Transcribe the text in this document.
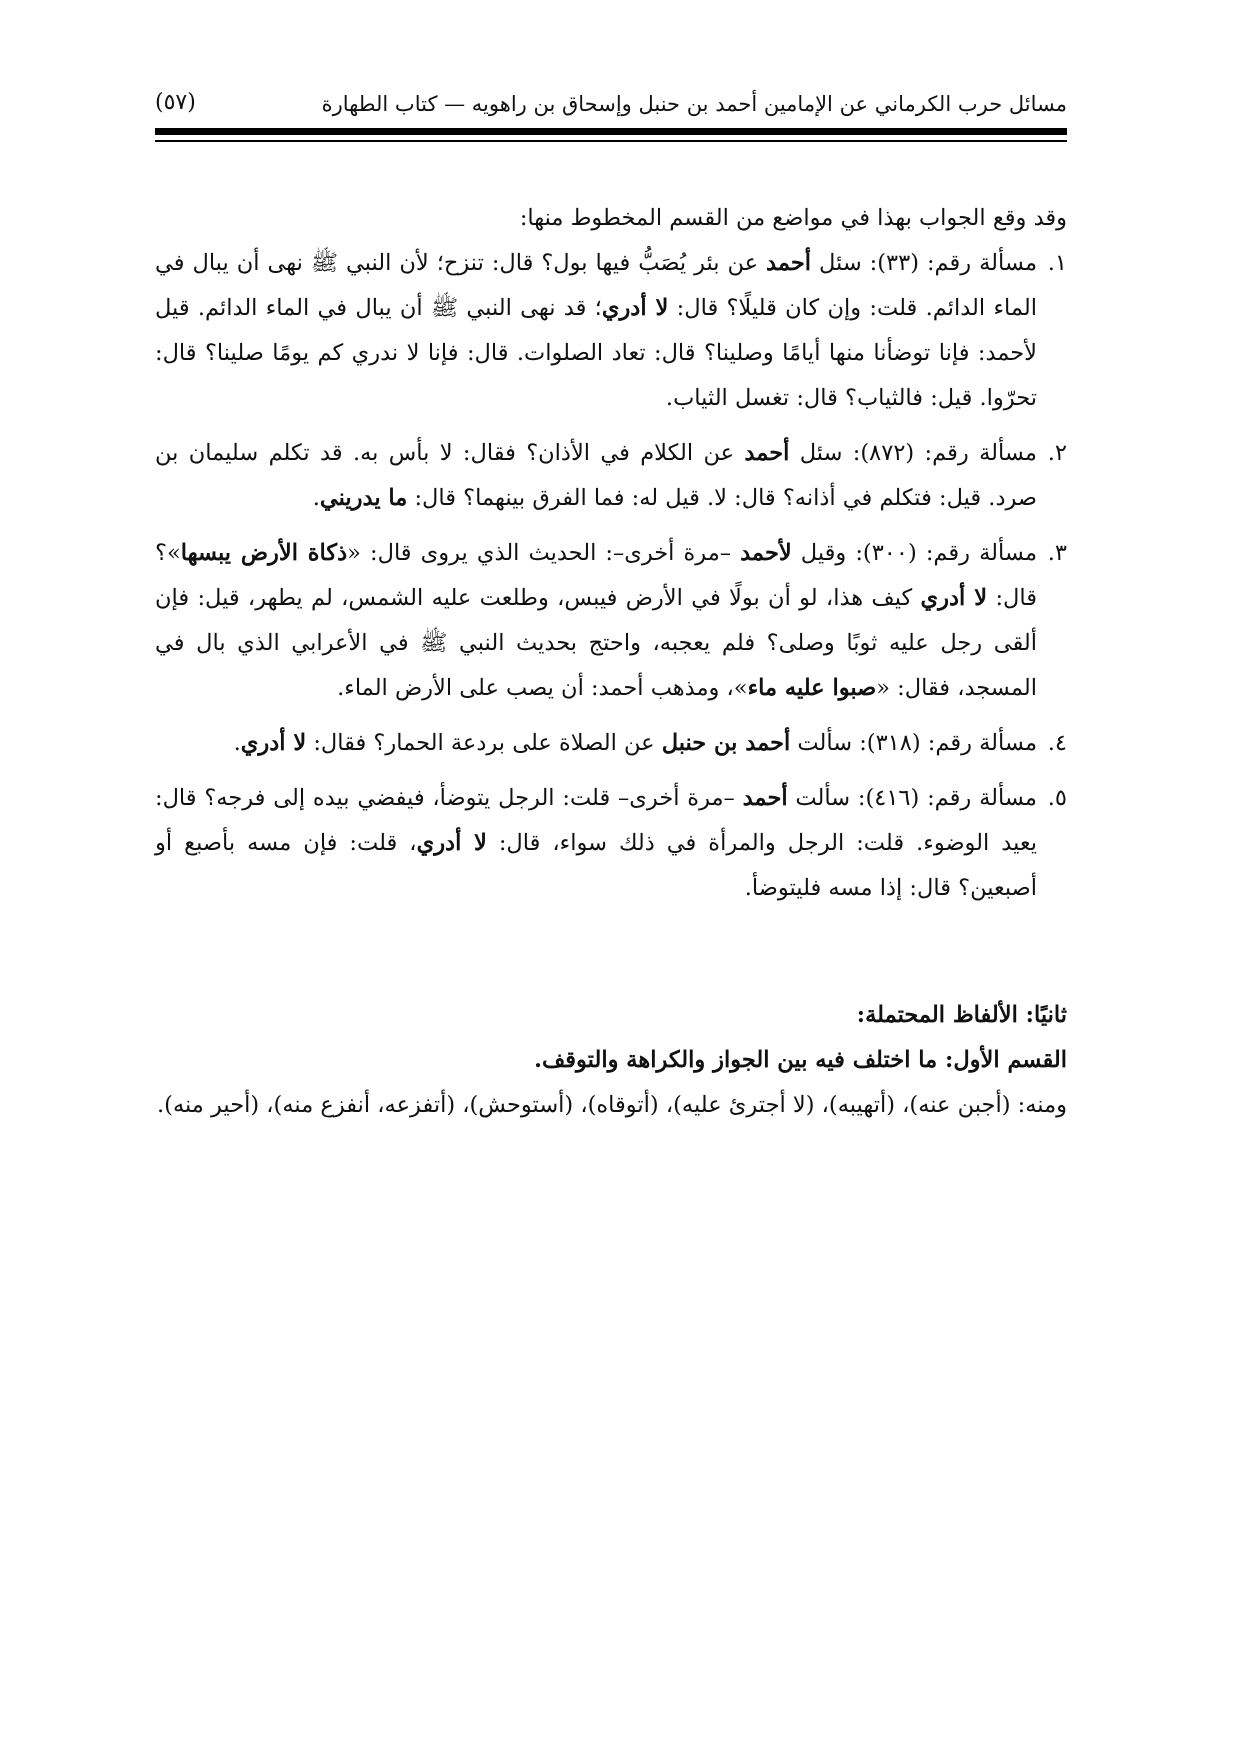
مسائل حرب الكرماني عن الإمامين أحمد بن حنبل وإسحاق بن راهويه — كتاب الطهارة
(٥٧)

وقد وقع الجواب بهذا في مواضع من القسم المخطوط منها:

١.
مسألة رقم: (٣٣): سئل أحمد عن بئر يُصَبُّ فيها بول؟ قال: تنزح؛ لأن النبي ﷺ نهى أن يبال في الماء الدائم. قلت: وإن كان قليلًا؟ قال: لا أدري؛ قد نهى النبي ﷺ أن يبال في الماء الدائم. قيل لأحمد: فإنا توضأنا منها أيامًا وصلينا؟ قال: تعاد الصلوات. قال: فإنا لا ندري كم يومًا صلينا؟ قال: تحرّوا. قيل: فالثياب؟ قال: تغسل الثياب.

٢.
مسألة رقم: (٨٧٢): سئل أحمد عن الكلام في الأذان؟ فقال: لا بأس به. قد تكلم سليمان بن صرد. قيل: فتكلم في أذانه؟ قال: لا. قيل له: فما الفرق بينهما؟ قال: ما يدريني.

٣.
مسألة رقم: (٣٠٠): وقيل لأحمد –مرة أخرى–: الحديث الذي يروى قال: «ذكاة الأرض يبسها»؟ قال: لا أدري كيف هذا، لو أن بولًا في الأرض فيبس، وطلعت عليه الشمس، لم يطهر، قيل: فإن ألقى رجل عليه ثوبًا وصلى؟ فلم يعجبه، واحتج بحديث النبي ﷺ في الأعرابي الذي بال في المسجد، فقال: «صبوا عليه ماء»، ومذهب أحمد: أن يصب على الأرض الماء.

٤.
مسألة رقم: (٣١٨): سألت أحمد بن حنبل عن الصلاة على بردعة الحمار؟ فقال: لا أدري.

٥.
مسألة رقم: (٤١٦): سألت أحمد –مرة أخرى– قلت: الرجل يتوضأ، فيفضي بيده إلى فرجه؟ قال: يعيد الوضوء. قلت: الرجل والمرأة في ذلك سواء، قال: لا أدري، قلت: فإن مسه بأصبع أو أصبعين؟ قال: إذا مسه فليتوضأ.

ثانيًا: الألفاظ المحتملة:

القسم الأول: ما اختلف فيه بين الجواز والكراهة والتوقف.

ومنه: (أجبن عنه)، (أتهيبه)، (لا أجترئ عليه)، (أتوقاه)، (أستوحش)، (أتفزعه، أنفزع منه)، (أحير منه).
